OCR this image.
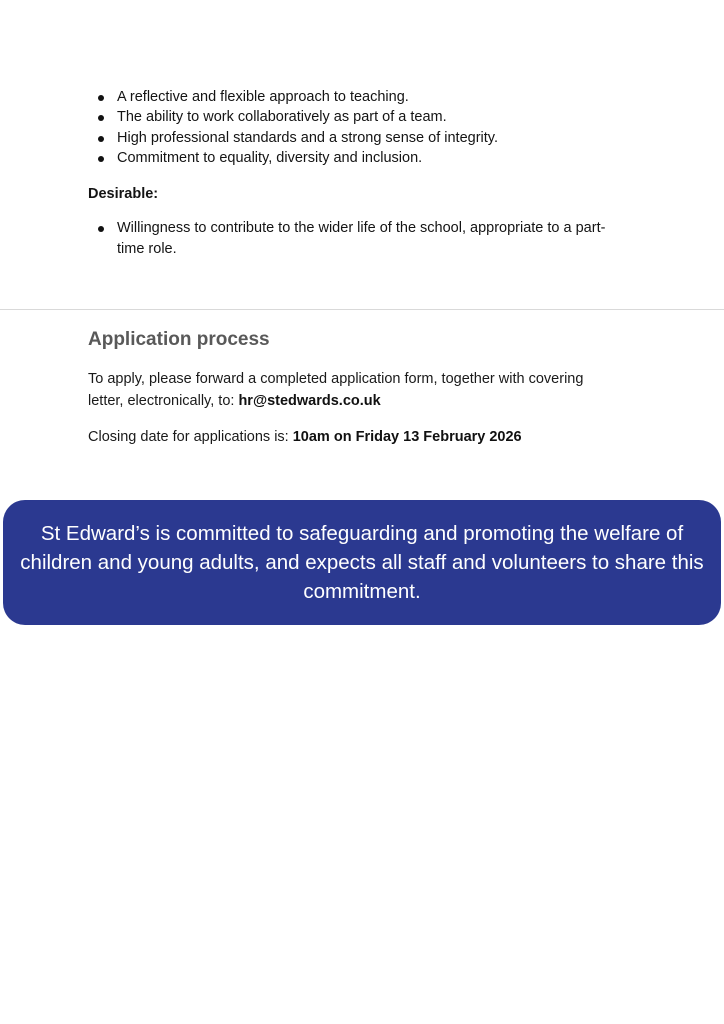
A reflective and flexible approach to teaching.
The ability to work collaboratively as part of a team.
High professional standards and a strong sense of integrity.
Commitment to equality, diversity and inclusion.
Desirable:
Willingness to contribute to the wider life of the school, appropriate to a part-time role.
Application process

To apply, please forward a completed application form, together with covering letter, electronically, to: hr@stedwards.co.uk

Closing date for applications is: 10am on Friday 13 February 2026

St Edward’s is committed to safeguarding and promoting the welfare of children and young adults, and expects all staff and volunteers to share this commitment.
